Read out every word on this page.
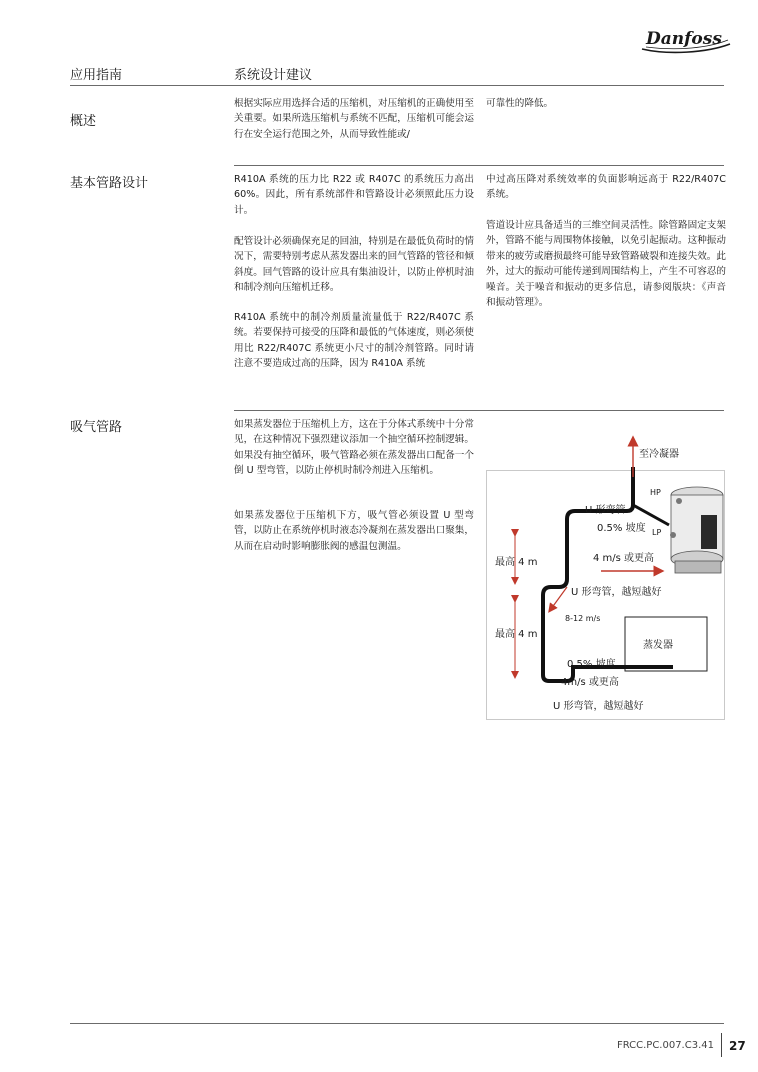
Danfoss
应用指南	系统设计建议
概述

根据实际应用选择合适的压缩机，对压缩机的正确使用至关重要。如果所选压缩机与系统不匹配，压缩机可能会运行在安全运行范围之外，从而导致性能或/

可靠性的降低。

基本管路设计	R410A 系统的压力比 R22 或 R407C 的系统压力高出60%。因此，所有系统部件和管路设计必须照此压力设计。

配管设计必须确保充足的回油，特别是在最低负荷时的情况下，需要特别考虑从蒸发器出来的回气管路的管径和倾斜度。回气管路的设计应具有集油设计，以防止停机时油和制冷剂向压缩机迁移。

R410A 系统中的制冷剂质量流量低于 R22/R407C 系统。若要保持可接受的压降和最低的气体速度，则必须使用比 R22/R407C 系统更小尺寸的制冷剂管路。同时请注意不要造成过高的压降，因为 R410A 系统

中过高压降对系统效率的负面影响远高于 R22/R407C 系统。

管道设计应具备适当的三维空间灵活性。除管路固定支架外，管路不能与周围物体接触，以免引起振动。这种振动带来的疲劳或磨损最终可能导致管路破裂和连接失效。此外，过大的振动可能传递到周围结构上，产生不可容忍的噪音。关于噪音和振动的更多信息，请参阅版块：《声音和振动管理》。

吸气管路	如果蒸发器位于压缩机上方，这在于分体式系统中十分常见，在这种情况下强烈建议添加一个抽空循环控制逻辑。如果没有抽空循环，吸气管路必须在蒸发器出口配备一个倒 U 型弯管，以防止停机时制冷剂进入压缩机。

如果蒸发器位于压缩机下方，吸气管必须设置 U 型弯管，以防止在系统停机时液态冷凝剂在蒸发器出口聚集，从而在启动时影响膨胀阀的感温包测温。

蒸发器
至冷凝器
HP
LP
U 形弯管
0.5% 坡度
4 m/s 或更高
最高 4 m
U 形弯管，越短越好
8-12 m/s
最高 4 m
0.5% 坡度
4m/s 或更高
U 形弯管，越短越好
FRCC.PC.007.C3.41 27
